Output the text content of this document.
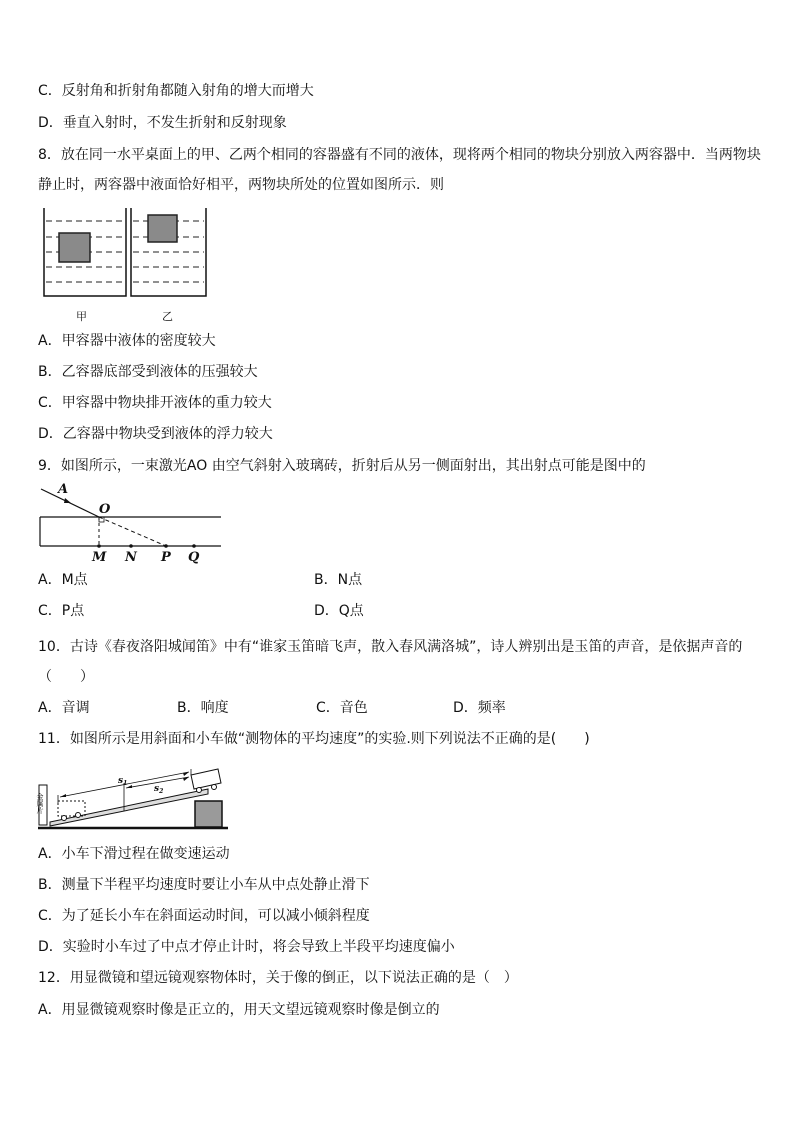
C．反射角和折射角都随入射角的增大而增大
D．垂直入射时，不发生折射和反射现象
8．放在同一水平桌面上的甲、乙两个相同的容器盛有不同的液体，现将两个相同的物块分别放入两容器中．当两物块
静止时，两容器中液面恰好相平，两物块所处的位置如图所示．则
甲	乙
A．甲容器中液体的密度较大
B．乙容器底部受到液体的压强较大
C．甲容器中物块排开液体的重力较大
D．乙容器中物块受到液体的浮力较大
9．如图所示，一束激光AO 由空气斜射入玻璃砖，折射后从另一侧面射出，其出射点可能是图中的
A
O
M N P Q
A．M点	B．N点
C．P点	D．Q点
10．古诗《春夜洛阳城闻笛》中有“谁家玉笛暗飞声，散入春风满洛城”，诗人辨别出是玉笛的声音，是依据声音的
（　　）
A．音调	B．响度	C．音色	D．频率
11．如图所示是用斜面和小车做“测物体的平均速度”的实验.则下列说法不正确的是(　　)
金属片
$s_1$
$s_2$
A．小车下滑过程在做变速运动
B．测量下半程平均速度时要让小车从中点处静止滑下
C．为了延长小车在斜面运动时间，可以减小倾斜程度
D．实验时小车过了中点才停止计时，将会导致上半段平均速度偏小
12．用显微镜和望远镜观察物体时，关于像的倒正，以下说法正确的是（　）
A．用显微镜观察时像是正立的，用天文望远镜观察时像是倒立的
